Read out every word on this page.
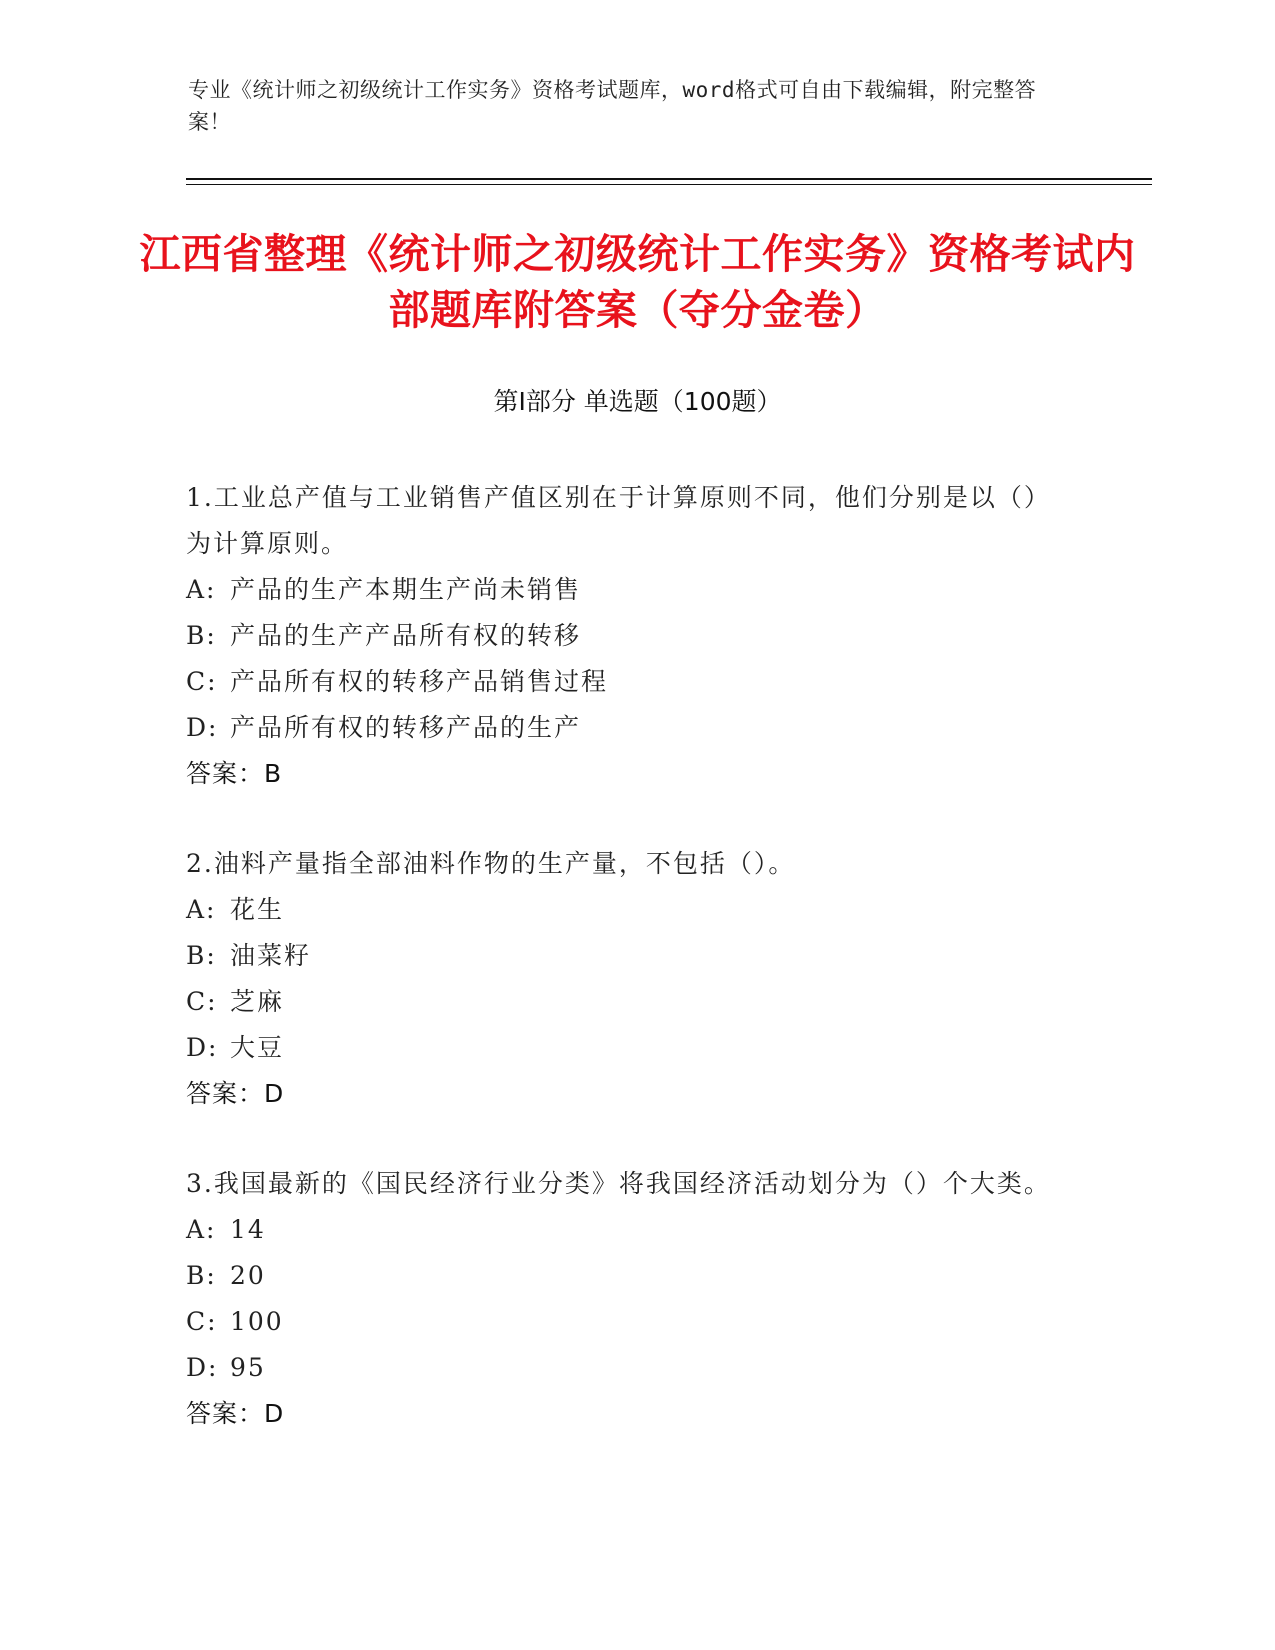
专业《统计师之初级统计工作实务》资格考试题库，word格式可自由下载编辑，附完整答案！
江西省整理《统计师之初级统计工作实务》资格考试内部题库附答案（夺分金卷）
第Ⅰ部分 单选题（100题）
1.工业总产值与工业销售产值区别在于计算原则不同，他们分别是以（）为计算原则。
A: 产品的生产本期生产尚未销售
B: 产品的生产产品所有权的转移
C: 产品所有权的转移产品销售过程
D: 产品所有权的转移产品的生产
答案：B
2.油料产量指全部油料作物的生产量，不包括（）。
A: 花生
B: 油菜籽
C: 芝麻
D: 大豆
答案：D
3.我国最新的《国民经济行业分类》将我国经济活动划分为（）个大类。
A: 14
B: 20
C: 100
D: 95
答案：D
